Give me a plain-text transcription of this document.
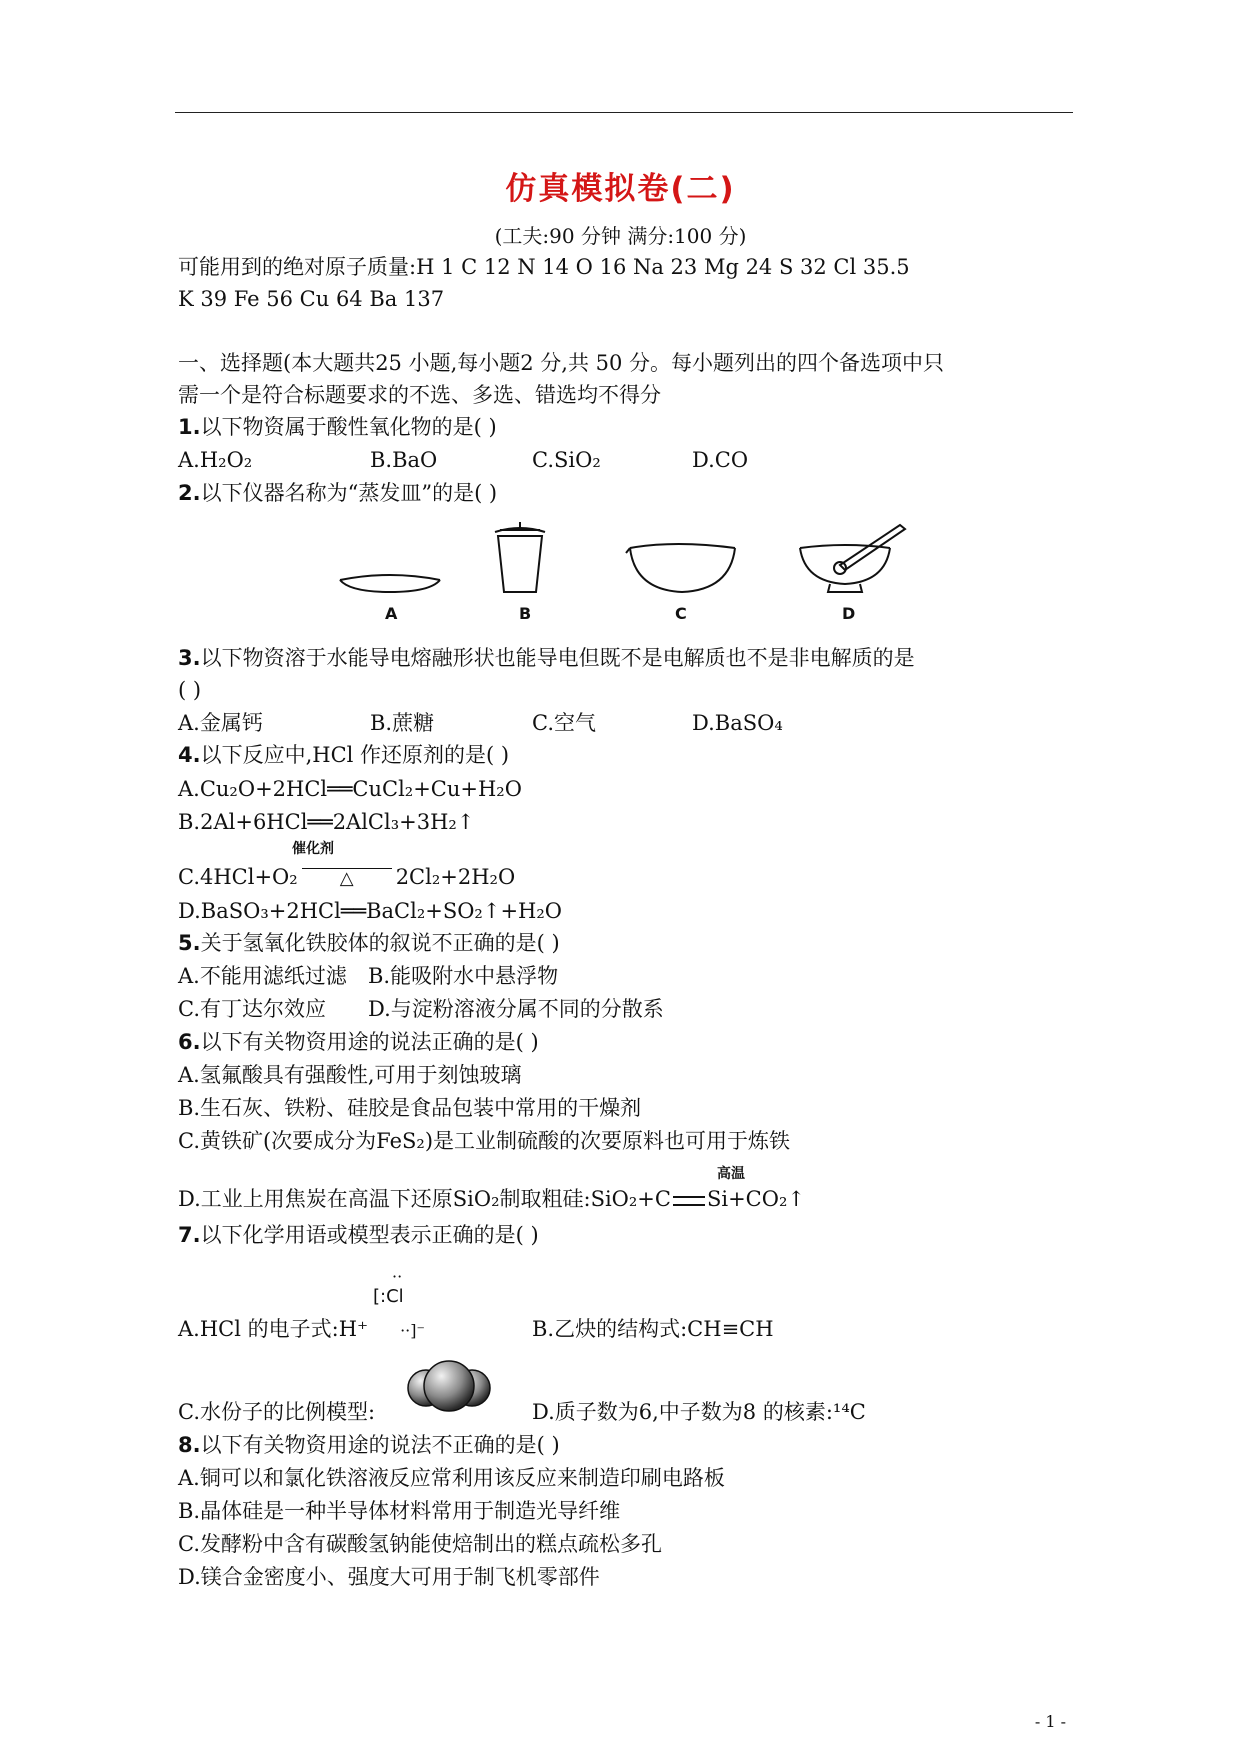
仿真模拟卷(二)
(工夫:90 分钟 满分:100 分)
可能用到的绝对原子质量:H 1 C 12 N 14 O 16 Na 23 Mg 24 S 32 Cl 35.5
K 39 Fe 56 Cu 64 Ba 137
一、选择题(本大题共25 小题,每小题2 分,共 50 分。每小题列出的四个备选项中只
需一个是符合标题要求的不选、多选、错选均不得分
1.以下物资属于酸性氧化物的是( )
A.H₂O₂	B.BaO	C.SiO₂	D.CO
2.以下仪器名称为“蒸发皿”的是( )
A	B	C	D
3.以下物资溶于水能导电熔融形状也能导电但既不是电解质也不是非电解质的是
( )
A.金属钙	B.蔗糖	C.空气	D.BaSO₄
4.以下反应中,HCl 作还原剂的是( )
A.Cu₂O+2HCl══CuCl₂+Cu+H₂O
B.2Al+6HCl══2AlCl₃+3H₂↑
催化剂
C.4HCl+O₂ △ 2Cl₂+2H₂O
D.BaSO₃+2HCl══BaCl₂+SO₂↑+H₂O
5.关于氢氧化铁胶体的叙说不正确的是( )
A.不能用滤纸过滤 B.能吸附水中悬浮物
C.有丁达尔效应 D.与淀粉溶液分属不同的分散系
6.以下有关物资用途的说法正确的是( )
A.氢氟酸具有强酸性,可用于刻蚀玻璃
B.生石灰、铁粉、硅胶是食品包装中常用的干燥剂
C.黄铁矿(次要成分为FeS₂)是工业制硫酸的次要原料也可用于炼铁
高温
D.工业上用焦炭在高温下还原SiO₂制取粗硅:SiO₂+C Si+CO₂↑
7.以下化学用语或模型表示正确的是( )
··
[:Cl
A.HCl 的电子式:H⁺ ··]⁻	B.乙炔的结构式:CH≡CH
C.水份子的比例模型:	D.质子数为6,中子数为8 的核素:¹⁴C
8.以下有关物资用途的说法不正确的是( )
A.铜可以和氯化铁溶液反应常利用该反应来制造印刷电路板
B.晶体硅是一种半导体材料常用于制造光导纤维
C.发酵粉中含有碳酸氢钠能使焙制出的糕点疏松多孔
D.镁合金密度小、强度大可用于制飞机零部件
- 1 -
